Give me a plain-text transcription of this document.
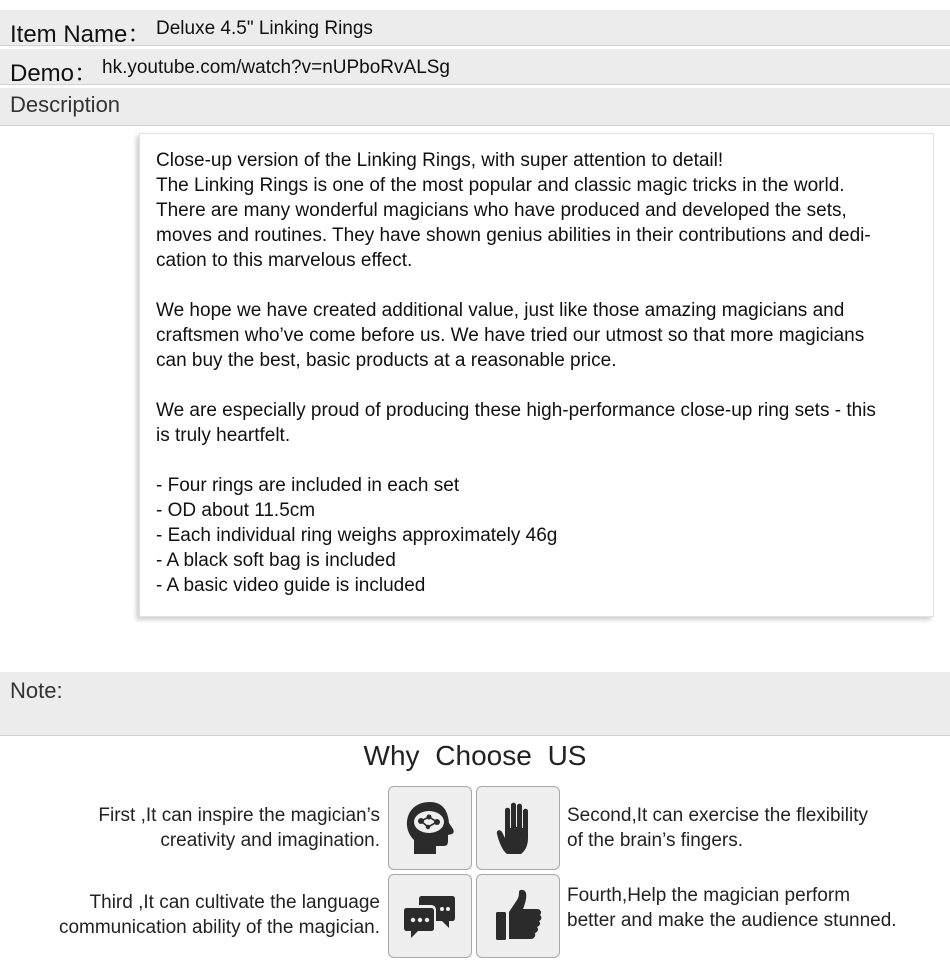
Item Name： Deluxe 4.5" Linking Rings
Demo： hk.youtube.com/watch?v=nUPboRvALSg
Description

Close-up version of the Linking Rings, with super attention to detail!
The Linking Rings is one of the most popular and classic magic tricks in the world.
There are many wonderful magicians who have produced and developed the sets,
moves and routines. They have shown genius abilities in their contributions and dedi-
cation to this marvelous effect.

We hope we have created additional value, just like those amazing magicians and
craftsmen who’ve come before us. We have tried our utmost so that more magicians
can buy the best, basic products at a reasonable price.

We are especially proud of producing these high-performance close-up ring sets - this
is truly heartfelt.

- Four rings are included in each set
- OD about 11.5cm
- Each individual ring weighs approximately 46g
- A black soft bag is included
- A basic video guide is included
Note:
Why Choose US
First ,It can inspire the magician’s
creativity and imagination.
Second,It can exercise the flexibility
of the brain’s fingers.
Third ,It can cultivate the language
communication ability of the magician.
Fourth,Help the magician perform
better and make the audience stunned.
